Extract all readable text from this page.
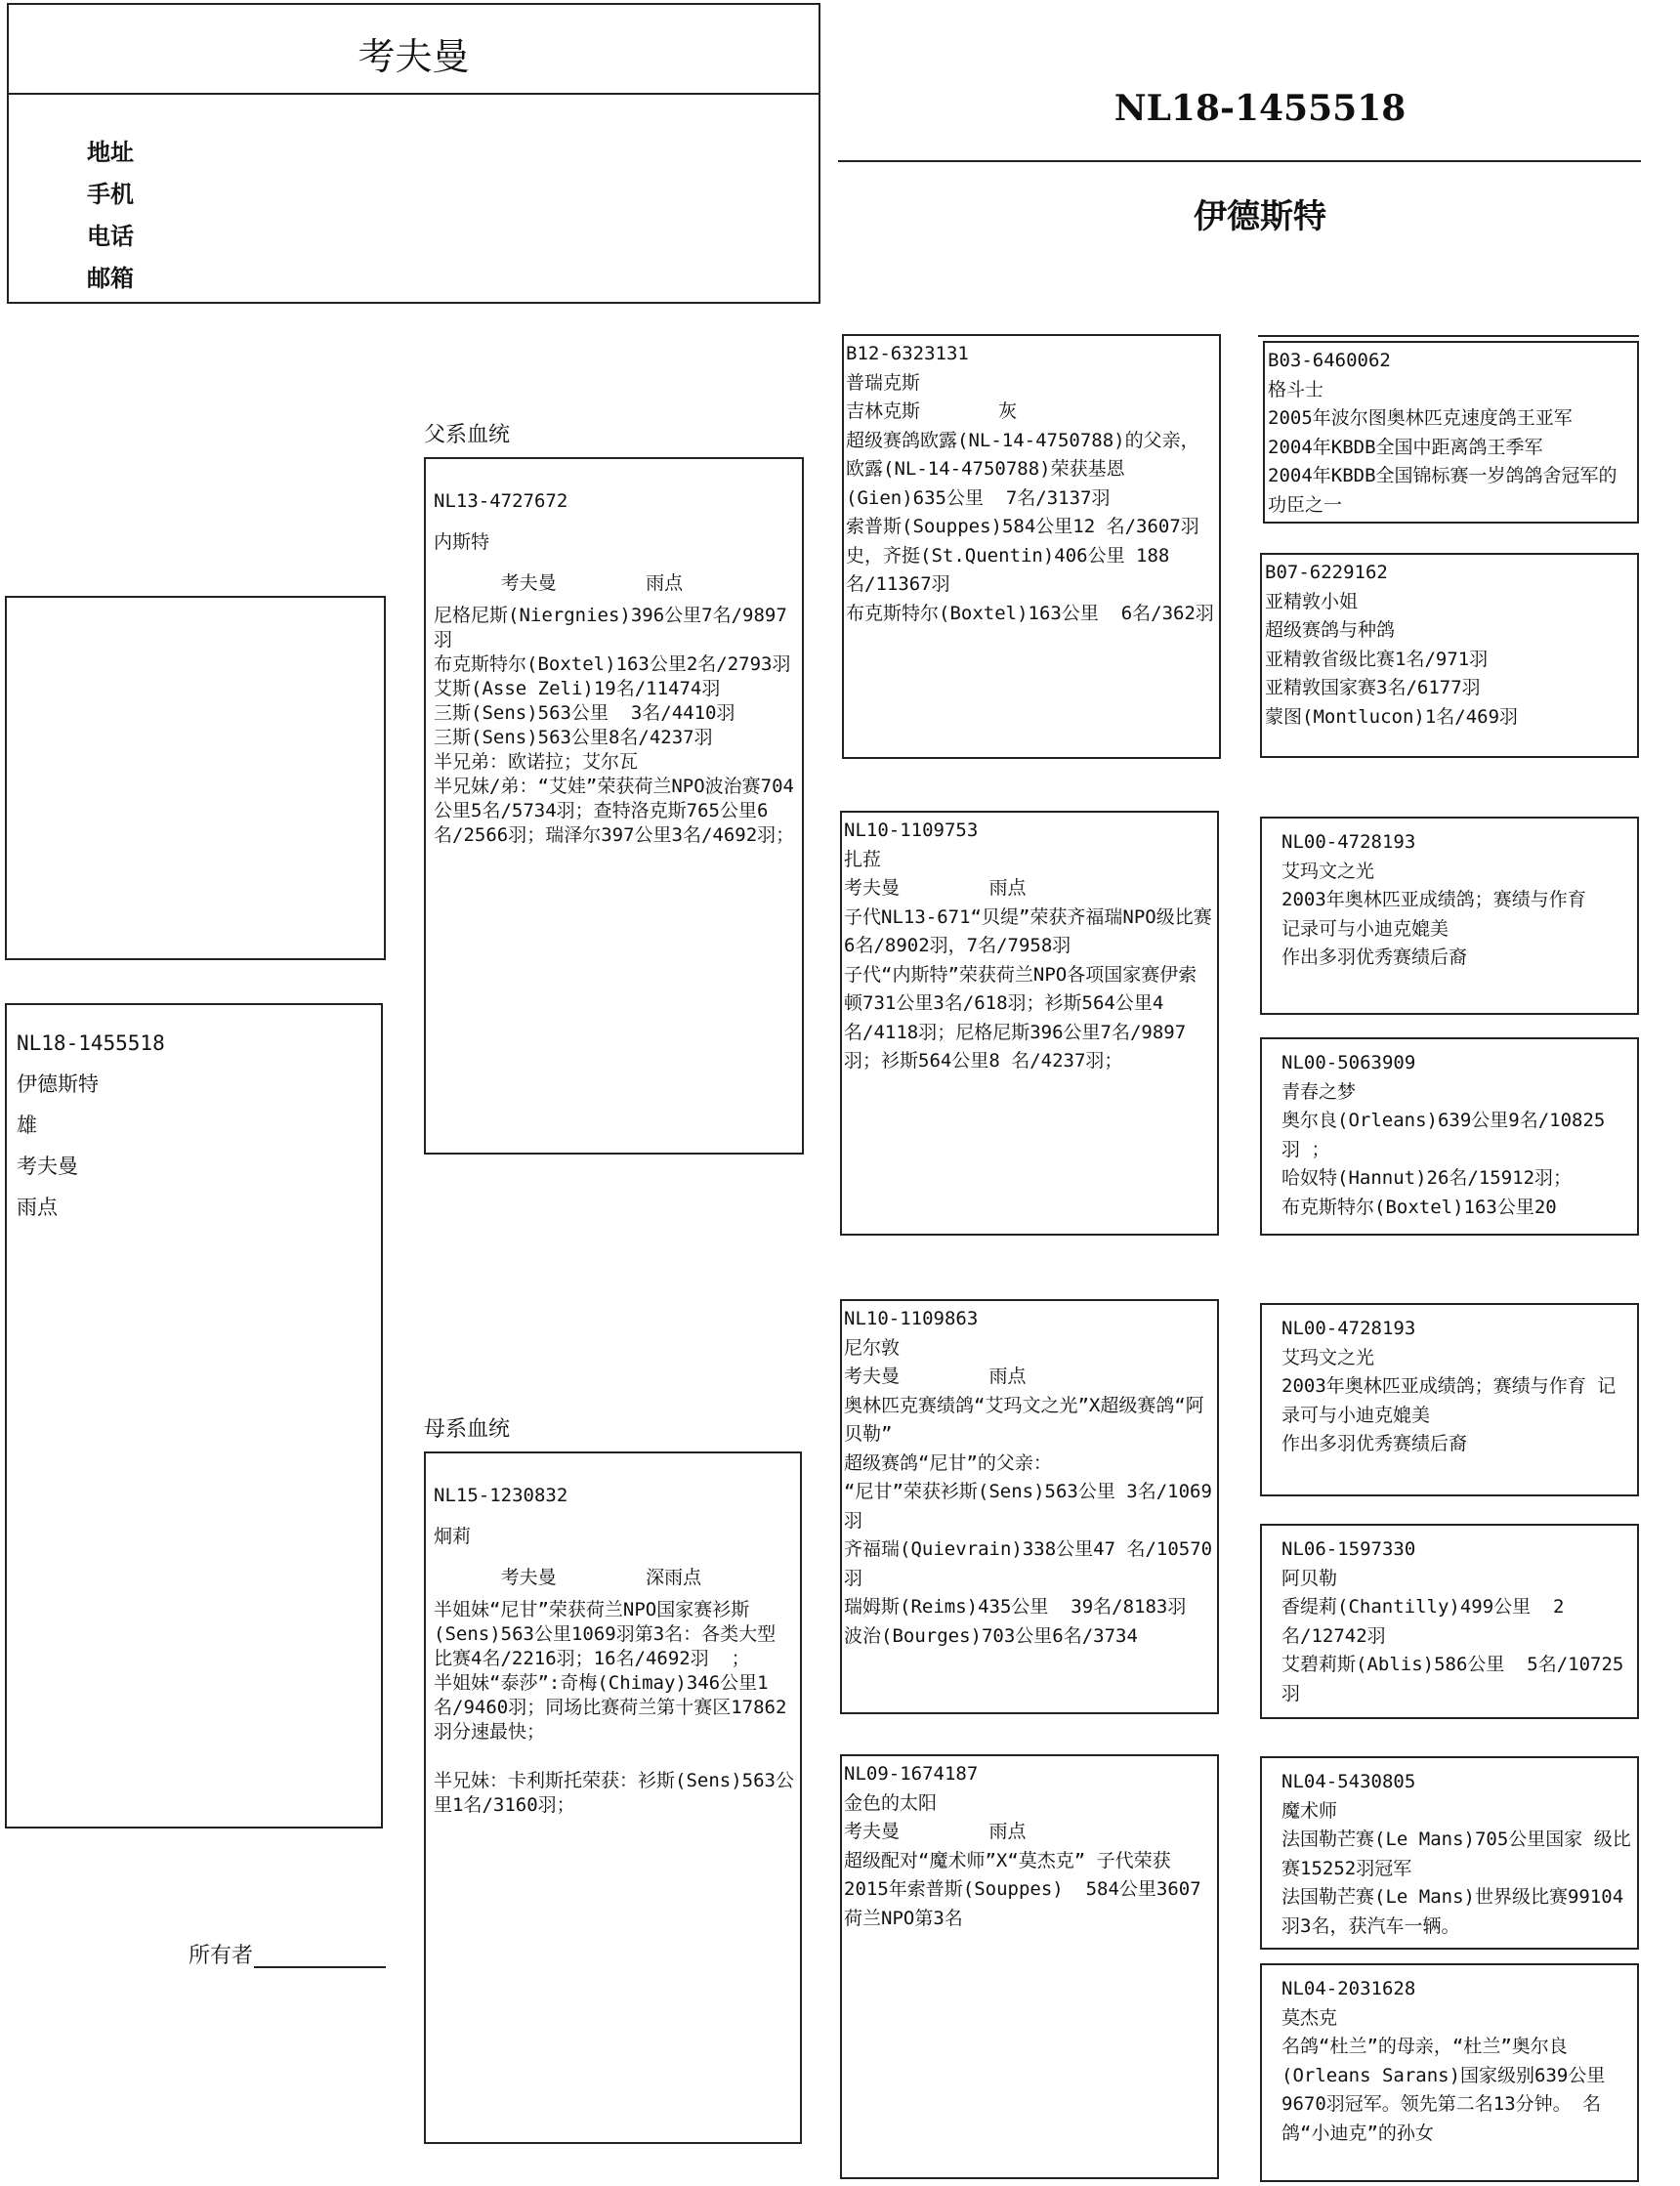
考夫曼
地址
手机
电话
邮箱
NL18-1455518
伊德斯特
NL18-1455518
伊德斯特
雄
考夫曼
雨点
所有者
父系血统
母系血统
NL13-4727672
内斯特
考夫曼        雨点
尼格尼斯(Niergnies)396公里7名/9897羽
布克斯特尔(Boxtel)163公里2名/2793羽
艾斯(Asse Zeli)19名/11474羽
三斯(Sens)563公里  3名/4410羽
三斯(Sens)563公里8名/4237羽
半兄弟：欧诺拉；艾尔瓦
半兄妹/弟：“艾娃”荣获荷兰NPO波治赛704公里5名/5734羽；查特洛克斯765公里6名/2566羽；瑞泽尔397公里3名/4692羽；
NL15-1230832
炯莉
考夫曼        深雨点
半姐妹“尼甘”荣获荷兰NPO国家赛衫斯(Sens)563公里1069羽第3名：各类大型比赛4名/2216羽；16名/4692羽  ；
半姐妹“泰莎”:奇梅(Chimay)346公里1名/9460羽；同场比赛荷兰第十赛区17862羽分速最快；
半兄妹：卡利斯托荣获：衫斯(Sens)563公里1名/3160羽；
B12-6323131
普瑞克斯
吉林克斯       灰
超级赛鸽欧露(NL-14-4750788)的父亲，
欧露(NL-14-4750788)荣获基恩(Gien)635公里  7名/3137羽
索普斯(Souppes)584公里12 名/3607羽
史，齐挺(St.Quentin)406公里 188名/11367羽
布克斯特尔(Boxtel)163公里  6名/362羽
NL10-1109753
扎菈
考夫曼        雨点
子代NL13-671“贝缇”荣获齐福瑞NPO级比赛6名/8902羽，7名/7958羽
子代“内斯特”荣获荷兰NPO各项国家赛伊索顿731公里3名/618羽；衫斯564公里4名/4118羽；尼格尼斯396公里7名/9897羽；衫斯564公里8 名/4237羽；
NL10-1109863
尼尔敦
考夫曼        雨点
奥林匹克赛绩鸽“艾玛文之光”X超级赛鸽“阿贝勒”
超级赛鸽“尼甘”的父亲：
“尼甘”荣获衫斯(Sens)563公里 3名/1069羽
齐福瑞(Quievrain)338公里47 名/10570羽
瑞姆斯(Reims)435公里  39名/8183羽
波治(Bourges)703公里6名/3734
NL09-1674187
金色的太阳
考夫曼        雨点
超级配对“魔术师”X“莫杰克” 子代荣获2015年索普斯(Souppes)  584公里3607荷兰NPO第3名
B03-6460062
格斗士
2005年波尔图奥林匹克速度鸽王亚军
2004年KBDB全国中距离鸽王季军
2004年KBDB全国锦标赛一岁鸽鸽舍冠军的功臣之一
B07-6229162
亚精敦小姐
超级赛鸽与种鸽
亚精敦省级比赛1名/971羽
亚精敦国家赛3名/6177羽
蒙图(Montlucon)1名/469羽
NL00-4728193
艾玛文之光
2003年奥林匹亚成绩鸽；赛绩与作育
记录可与小迪克媲美
作出多羽优秀赛绩后裔
NL00-5063909
青春之梦
奥尔良(Orleans)639公里9名/10825 羽 ；
哈奴特(Hannut)26名/15912羽；
布克斯特尔(Boxtel)163公里20
NL00-4728193
艾玛文之光
2003年奥林匹亚成绩鸽；赛绩与作育 记录可与小迪克媲美
作出多羽优秀赛绩后裔
NL06-1597330
阿贝勒
香缇莉(Chantilly)499公里  2名/12742羽
艾碧莉斯(Ablis)586公里  5名/10725羽
NL04-5430805
魔术师
法国勒芒赛(Le Mans)705公里国家 级比赛15252羽冠军
法国勒芒赛(Le Mans)世界级比赛99104羽3名，获汽车一辆。
NL04-2031628
莫杰克
名鸽“杜兰”的母亲，“杜兰”奥尔良(Orleans Sarans)国家级别639公里9670羽冠军。领先第二名13分钟。 名鸽“小迪克”的孙女
